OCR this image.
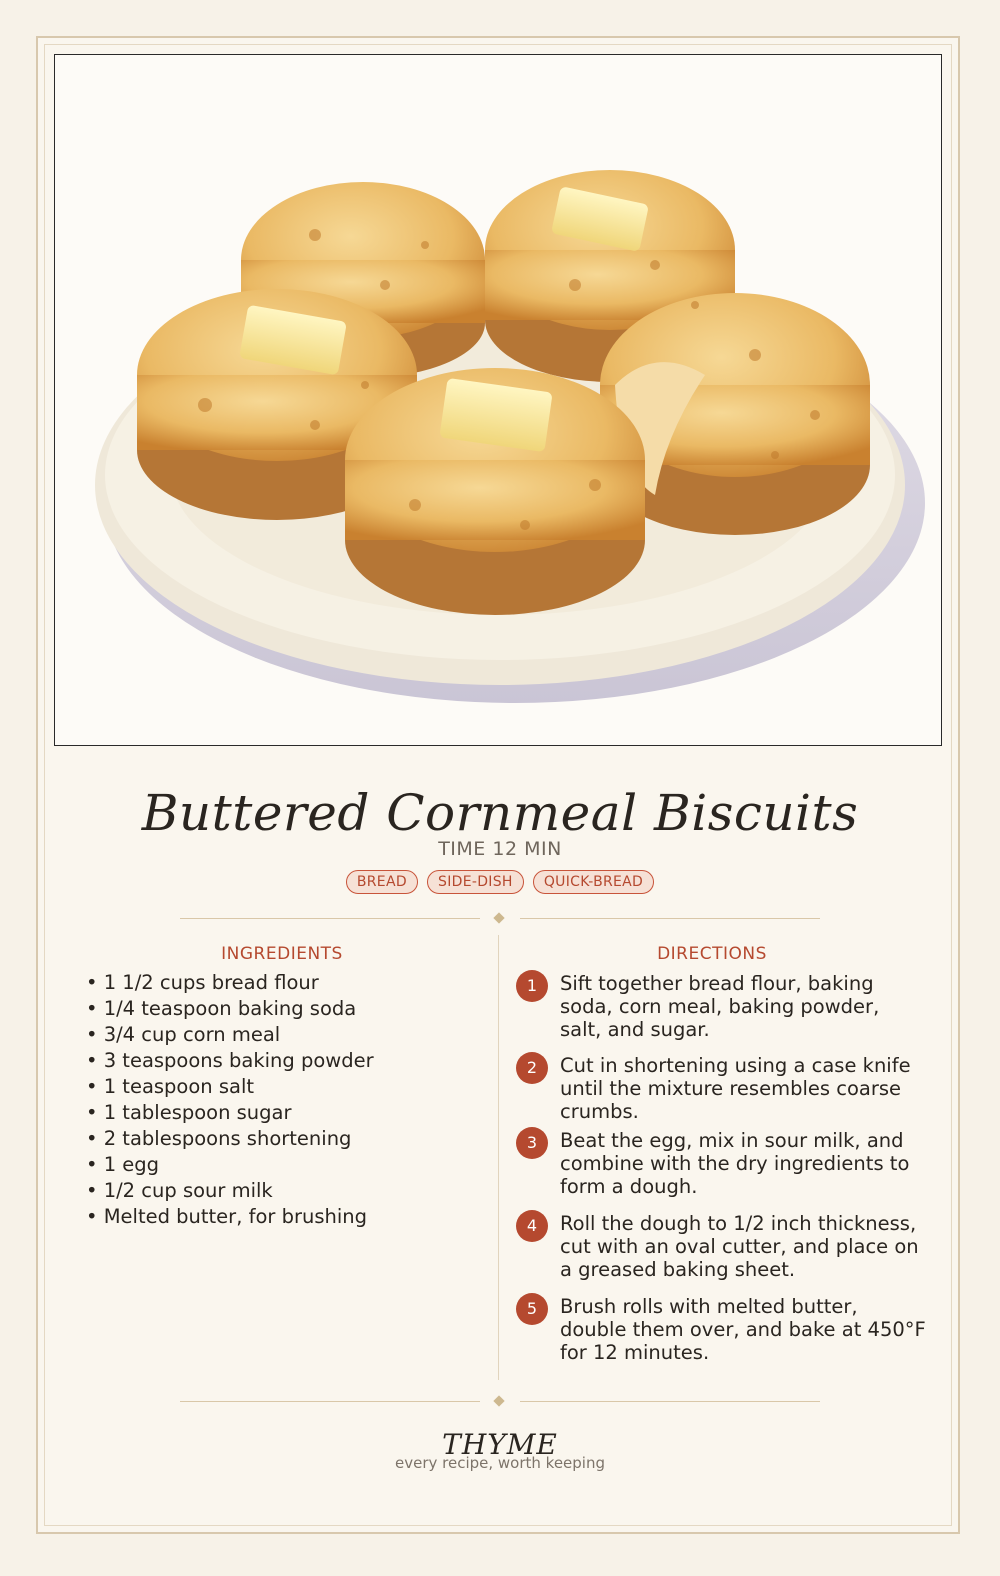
Buttered Cornmeal Biscuits
TIME 12 MIN
BREAD SIDE-DISH QUICK-BREAD
INGREDIENTS	DIRECTIONS
• 1 1/2 cups bread flour
• 1/4 teaspoon baking soda
• 3/4 cup corn meal
• 3 teaspoons baking powder
• 1 teaspoon salt
• 1 tablespoon sugar
• 2 tablespoons shortening
• 1 egg
• 1/2 cup sour milk
• Melted butter, for brushing
1	Sift together bread flour, baking soda, corn meal, baking powder, salt, and sugar.
2	Cut in shortening using a case knife until the mixture resembles coarse crumbs.
3	Beat the egg, mix in sour milk, and combine with the dry ingredients to form a dough.
4	Roll the dough to 1/2 inch thickness, cut with an oval cutter, and place on a greased baking sheet.
5	Brush rolls with melted butter, double them over, and bake at 450°F for 12 minutes.
THYME
every recipe, worth keeping
